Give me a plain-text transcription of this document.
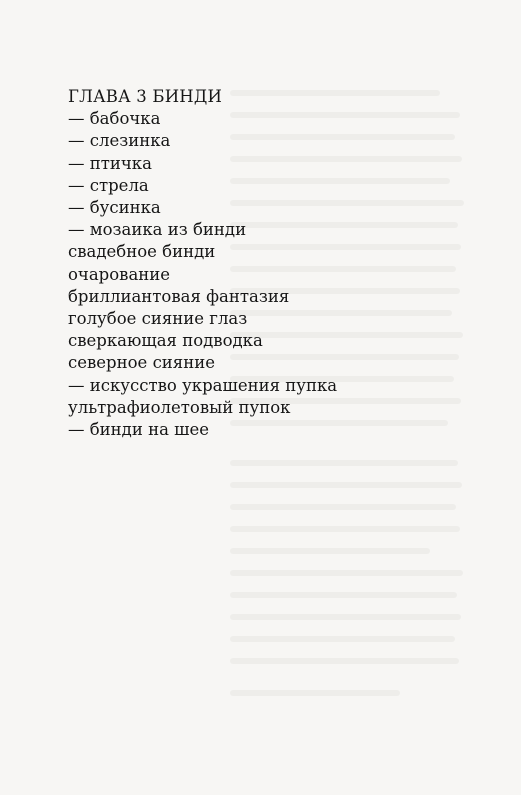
ГЛАВА 3 БИНДИ
— бабочка
— слезинка
— птичка
— стрела
— бусинка
— мозаика из бинди
свадебное бинди
очарование
бриллиантовая фантазия
голубое сияние глаз
сверкающая подводка
северное сияние
— искусство украшения пупка
ультрафиолетовый пупок
— бинди на шее
